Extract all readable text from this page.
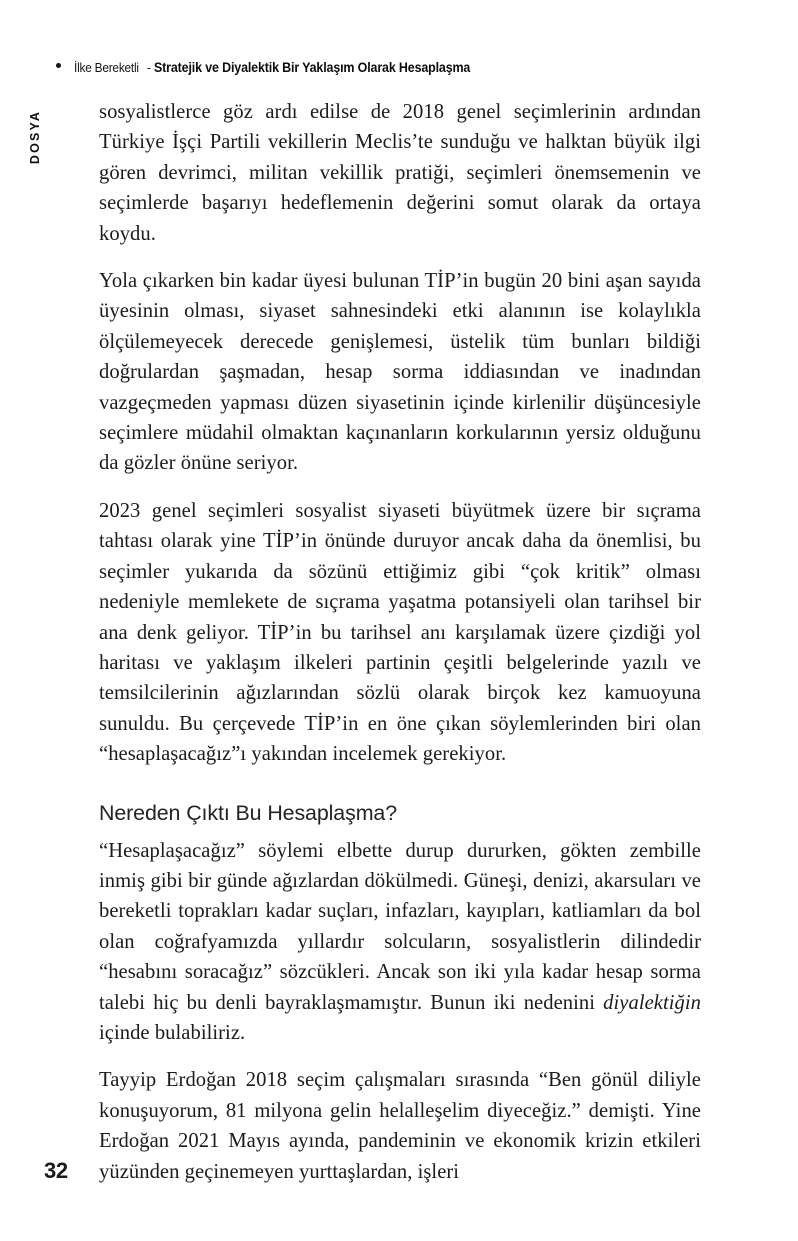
İlke Bereketli - Stratejik ve Diyalektik Bir Yaklaşım Olarak Hesaplaşma
DOSYA	sosyalistlerce göz ardı edilse de 2018 genel seçimlerinin ardından Türkiye İşçi Partili vekillerin Meclis’te sunduğu ve halktan büyük ilgi gören devrimci, militan vekillik pratiği, seçimleri önemsemenin ve seçimlerde başarıyı hedeflemenin değerini somut olarak da ortaya koydu.

Yola çıkarken bin kadar üyesi bulunan TİP’in bugün 20 bini aşan sayıda üyesinin olması, siyaset sahnesindeki etki alanının ise kolaylıkla ölçülemeyecek derecede genişlemesi, üstelik tüm bunları bildiği doğrulardan şaşmadan, hesap sorma iddiasından ve inadından vazgeçmeden yapması düzen siyasetinin içinde kirlenilir düşüncesiyle seçimlere müdahil olmaktan kaçınanların korkularının yersiz olduğunu da gözler önüne seriyor.

2023 genel seçimleri sosyalist siyaseti büyütmek üzere bir sıçrama tahtası olarak yine TİP’in önünde duruyor ancak daha da önemlisi, bu seçimler yukarıda da sözünü ettiğimiz gibi “çok kritik” olması nedeniyle memlekete de sıçrama yaşatma potansiyeli olan tarihsel bir ana denk geliyor. TİP’in bu tarihsel anı karşılamak üzere çizdiği yol haritası ve yaklaşım ilkeleri partinin çeşitli belgelerinde yazılı ve temsilcilerinin ağızlarından sözlü olarak birçok kez kamuoyuna sunuldu. Bu çerçevede TİP’in en öne çıkan söylemlerinden biri olan “hesaplaşacağız”ı yakından incelemek gerekiyor.

Nereden Çıktı Bu Hesaplaşma?

“Hesaplaşacağız” söylemi elbette durup dururken, gökten zembille inmiş gibi bir günde ağızlardan dökülmedi. Güneşi, denizi, akarsuları ve bereketli toprakları kadar suçları, infazları, kayıpları, katliamları da bol olan coğrafyamızda yıllardır solcuların, sosyalistlerin dilindedir “hesabını soracağız” sözcükleri. Ancak son iki yıla kadar hesap sorma talebi hiç bu denli bayraklaşmamıştır. Bunun iki nedenini diyalektiğin içinde bulabiliriz.

Tayyip Erdoğan 2018 seçim çalışmaları sırasında “Ben gönül diliyle konuşuyorum, 81 milyona gelin helalleşelim diyeceğiz.” demişti. Yine Erdoğan 2021 Mayıs ayında, pandeminin ve ekonomik krizin etkileri yüzünden geçinemeyen yurttaşlardan, işleri

32
